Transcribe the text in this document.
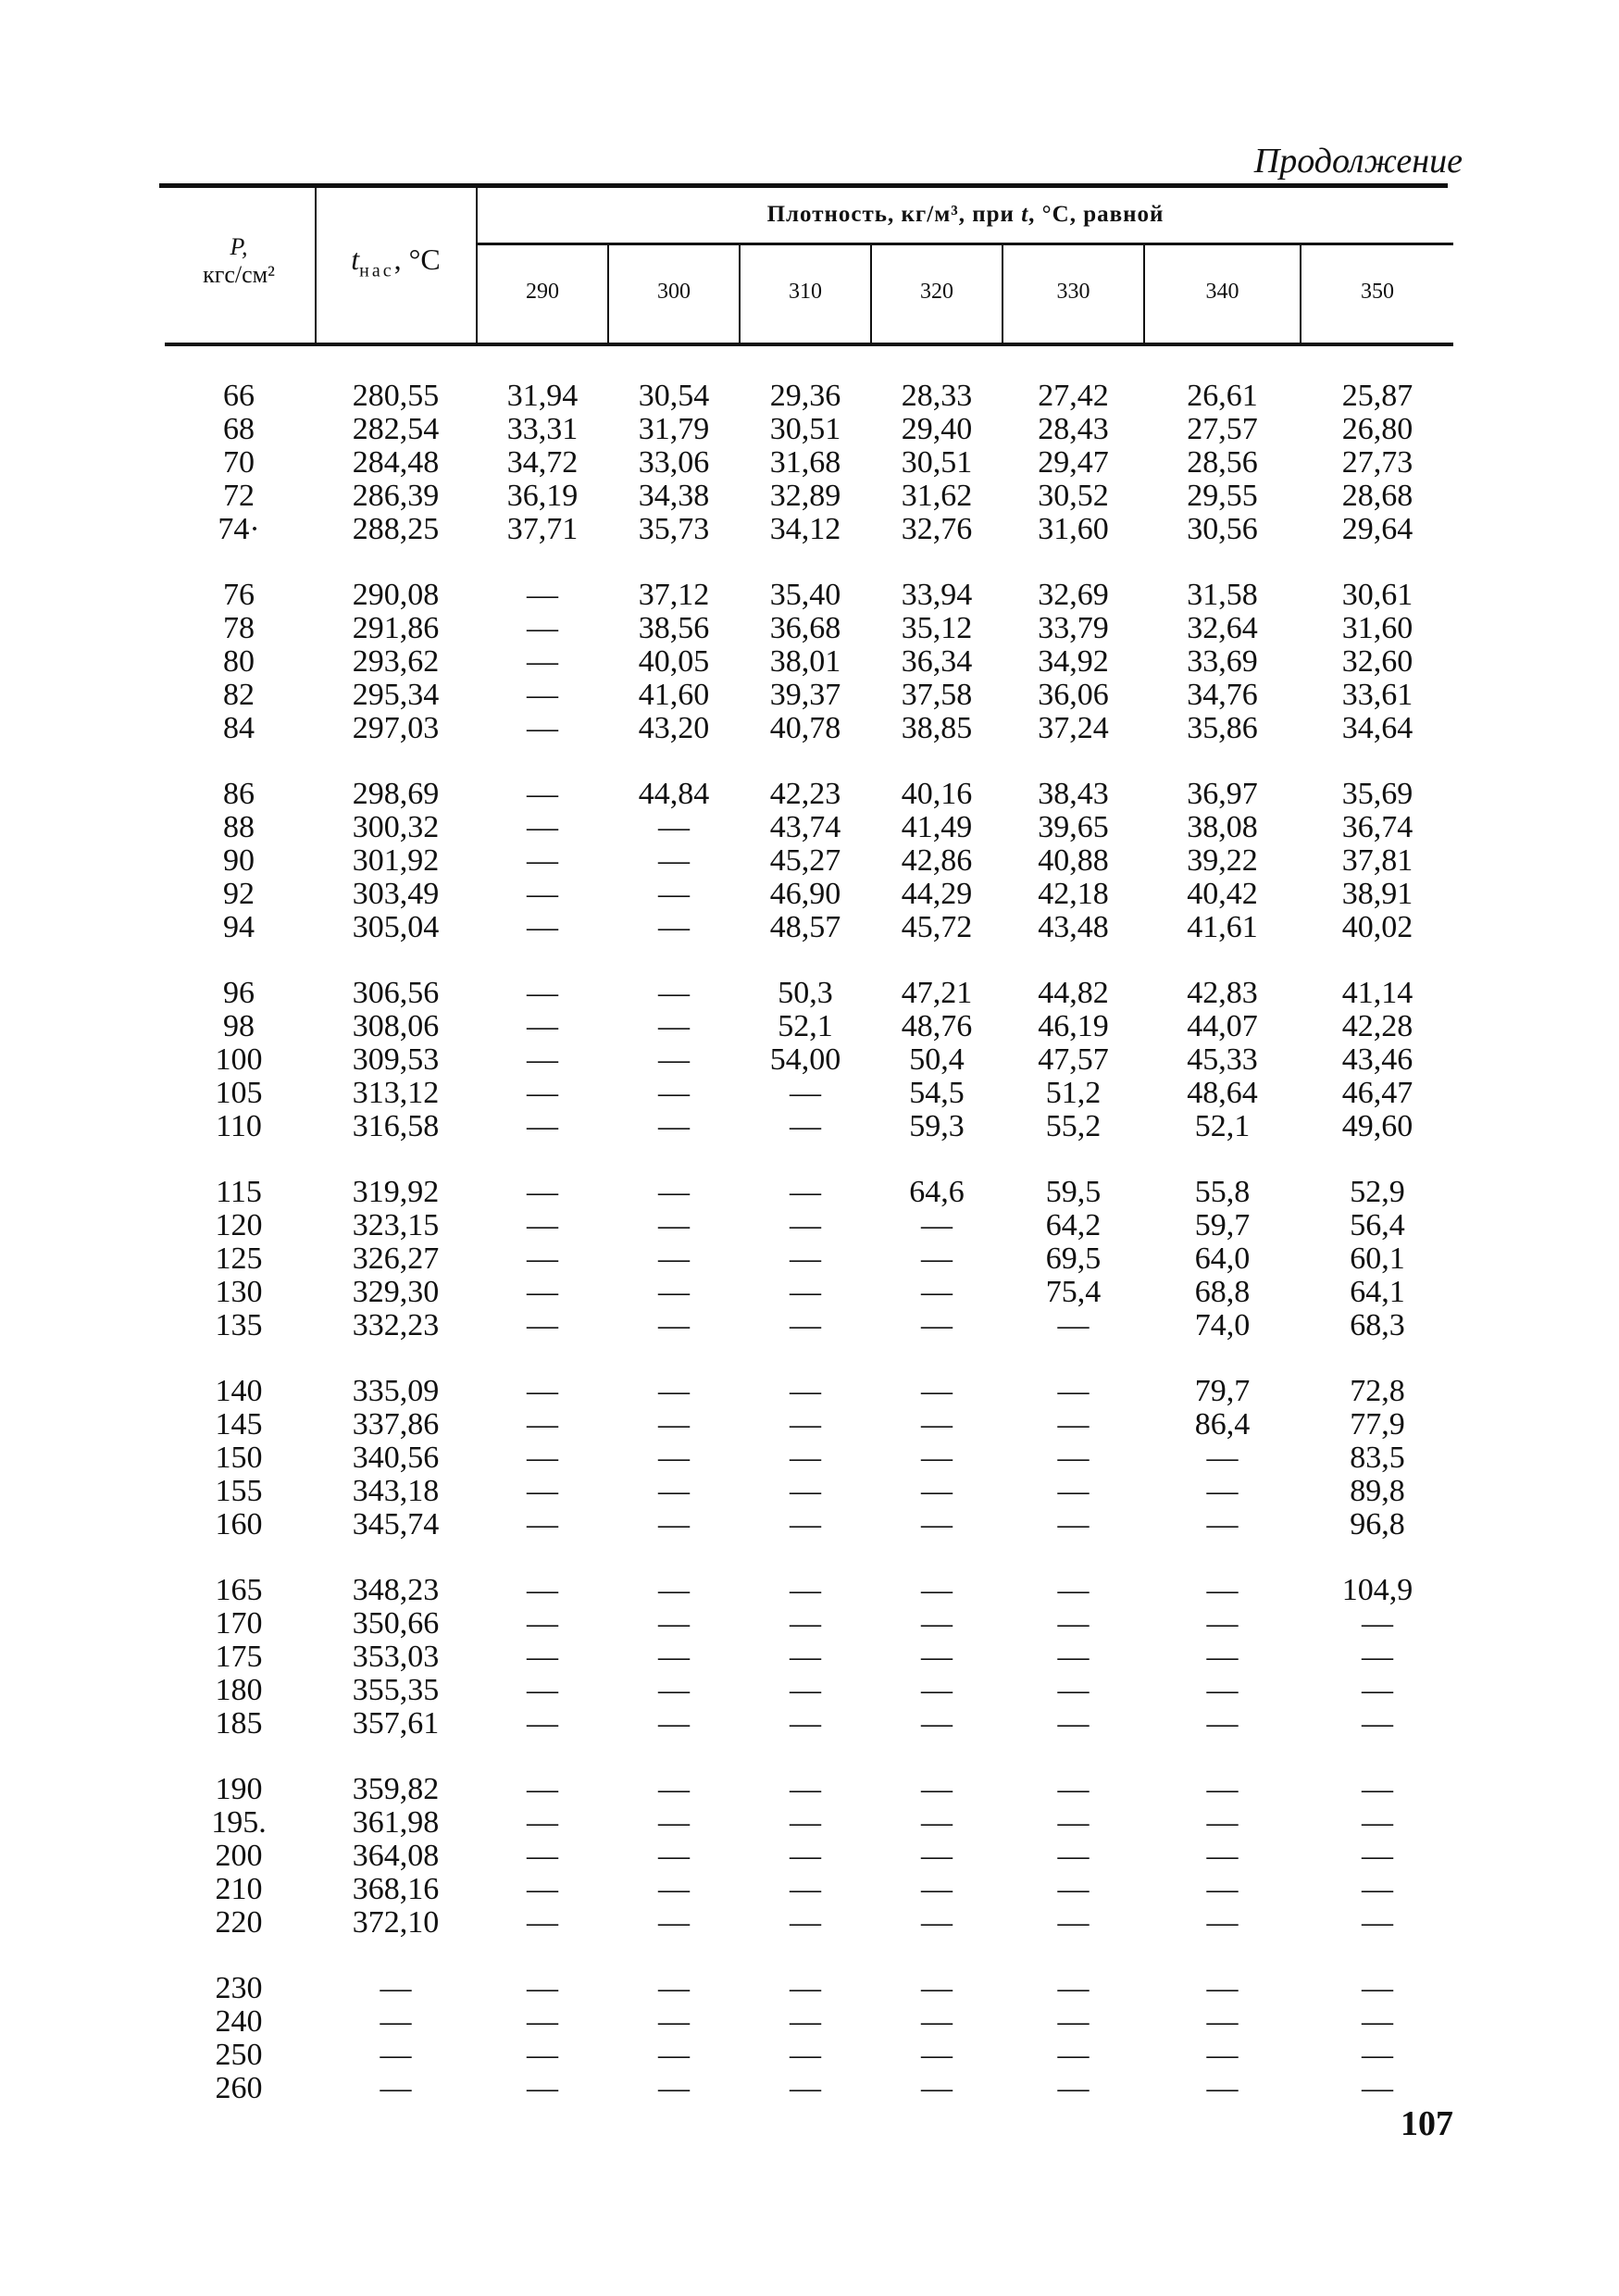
Продолжение
P,
кгс/см²	$t_{нас}$, °C
Плотность, кг/м³, при t, °C, равной
290	300	310	320	330	340	350
66	280,55	31,94	30,54	29,36	28,33	27,42	26,61	25,87
68	282,54	33,31	31,79	30,51	29,40	28,43	27,57	26,80
70	284,48	34,72	33,06	31,68	30,51	29,47	28,56	27,73
72	286,39	36,19	34,38	32,89	31,62	30,52	29,55	28,68
74·	288,25	37,71	35,73	34,12	32,76	31,60	30,56	29,64
76	290,08	—	37,12	35,40	33,94	32,69	31,58	30,61
78	291,86	—	38,56	36,68	35,12	33,79	32,64	31,60
80	293,62	—	40,05	38,01	36,34	34,92	33,69	32,60
82	295,34	—	41,60	39,37	37,58	36,06	34,76	33,61
84	297,03	—	43,20	40,78	38,85	37,24	35,86	34,64
86	298,69	—	44,84	42,23	40,16	38,43	36,97	35,69
88	300,32	—	—	43,74	41,49	39,65	38,08	36,74
90	301,92	—	—	45,27	42,86	40,88	39,22	37,81
92	303,49	—	—	46,90	44,29	42,18	40,42	38,91
94	305,04	—	—	48,57	45,72	43,48	41,61	40,02
96	306,56	—	—	50,3	47,21	44,82	42,83	41,14
98	308,06	—	—	52,1	48,76	46,19	44,07	42,28
100	309,53	—	—	54,00	50,4	47,57	45,33	43,46
105	313,12	—	—	—	54,5	51,2	48,64	46,47
110	316,58	—	—	—	59,3	55,2	52,1	49,60
115	319,92	—	—	—	64,6	59,5	55,8	52,9
120	323,15	—	—	—	—	64,2	59,7	56,4
125	326,27	—	—	—	—	69,5	64,0	60,1
130	329,30	—	—	—	—	75,4	68,8	64,1
135	332,23	—	—	—	—	—	74,0	68,3
140	335,09	—	—	—	—	—	79,7	72,8
145	337,86	—	—	—	—	—	86,4	77,9
150	340,56	—	—	—	—	—	—	83,5
155	343,18	—	—	—	—	—	—	89,8
160	345,74	—	—	—	—	—	—	96,8
165	348,23	—	—	—	—	—	—	104,9
170	350,66	—	—	—	—	—	—	—
175	353,03	—	—	—	—	—	—	—
180	355,35	—	—	—	—	—	—	—
185	357,61	—	—	—	—	—	—	—
190	359,82	—	—	—	—	—	—	—
195.	361,98	—	—	—	—	—	—	—
200	364,08	—	—	—	—	—	—	—
210	368,16	—	—	—	—	—	—	—
220	372,10	—	—	—	—	—	—	—
230	—	—	—	—	—	—	—	—
240	—	—	—	—	—	—	—	—
250	—	—	—	—	—	—	—	—
260	—	—	—	—	—	—	—	—
107
